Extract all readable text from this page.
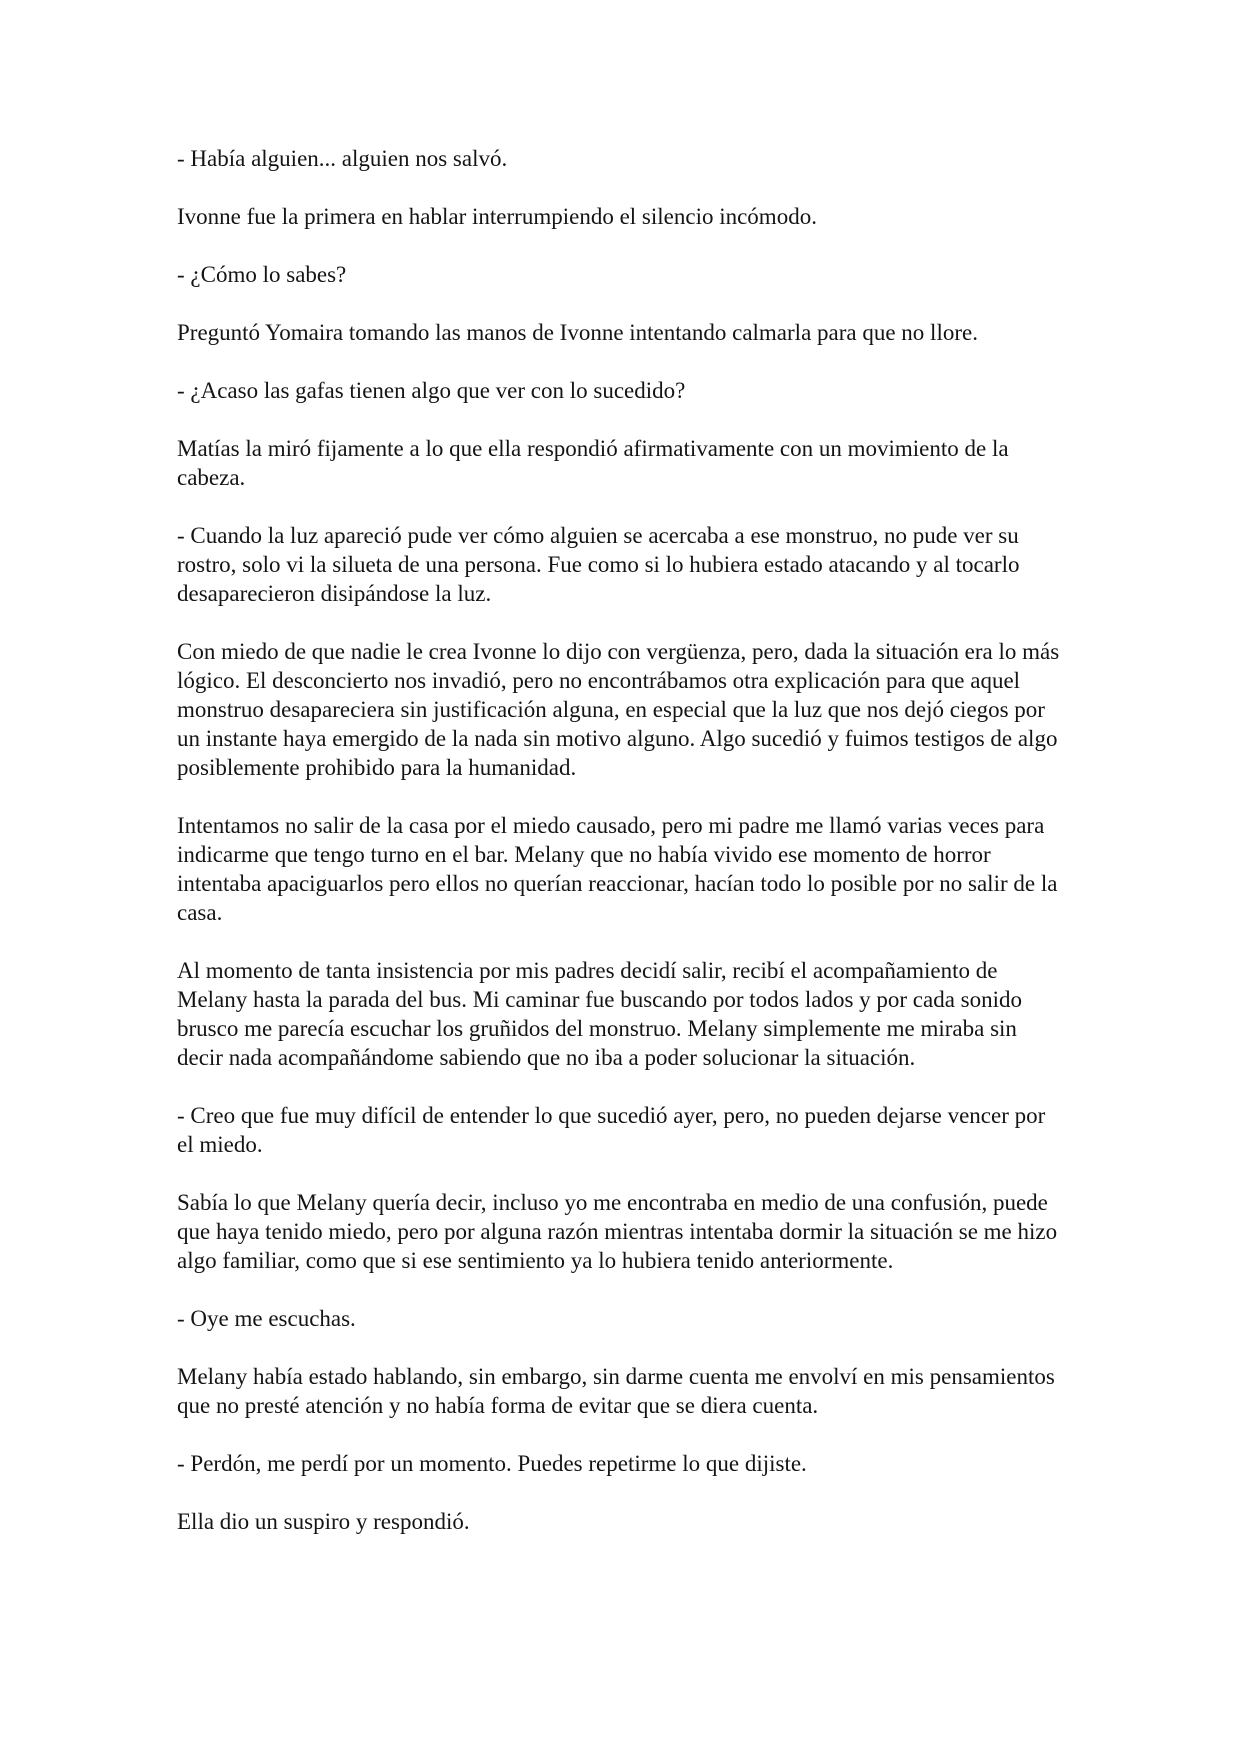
- Había alguien... alguien nos salvó.

Ivonne fue la primera en hablar interrumpiendo el silencio incómodo.

- ¿Cómo lo sabes?

Preguntó Yomaira tomando las manos de Ivonne intentando calmarla para que no llore.

- ¿Acaso las gafas tienen algo que ver con lo sucedido?

Matías la miró fijamente a lo que ella respondió afirmativamente con un movimiento de la cabeza.

- Cuando la luz apareció pude ver cómo alguien se acercaba a ese monstruo, no pude ver su rostro, solo vi la silueta de una persona. Fue como si lo hubiera estado atacando y al tocarlo desaparecieron disipándose la luz.

Con miedo de que nadie le crea Ivonne lo dijo con vergüenza, pero, dada la situación era lo más lógico. El desconcierto nos invadió, pero no encontrábamos otra explicación para que aquel monstruo desapareciera sin justificación alguna, en especial que la luz que nos dejó ciegos por un instante haya emergido de la nada sin motivo alguno. Algo sucedió y fuimos testigos de algo posiblemente prohibido para la humanidad.

Intentamos no salir de la casa por el miedo causado, pero mi padre me llamó varias veces para indicarme que tengo turno en el bar. Melany que no había vivido ese momento de horror intentaba apaciguarlos pero ellos no querían reaccionar, hacían todo lo posible por no salir de la casa.

Al momento de tanta insistencia por mis padres decidí salir, recibí el acompañamiento de Melany hasta la parada del bus. Mi caminar fue buscando por todos lados y por cada sonido brusco me parecía escuchar los gruñidos del monstruo. Melany simplemente me miraba sin decir nada acompañándome sabiendo que no iba a poder solucionar la situación.

- Creo que fue muy difícil de entender lo que sucedió ayer, pero, no pueden dejarse vencer por el miedo.

Sabía lo que Melany quería decir, incluso yo me encontraba en medio de una confusión, puede que haya tenido miedo, pero por alguna razón mientras intentaba dormir la situación se me hizo algo familiar, como que si ese sentimiento ya lo hubiera tenido anteriormente.

- Oye me escuchas.

Melany había estado hablando, sin embargo, sin darme cuenta me envolví en mis pensamientos que no presté atención y no había forma de evitar que se diera cuenta.

- Perdón, me perdí por un momento. Puedes repetirme lo que dijiste.

Ella dio un suspiro y respondió.
